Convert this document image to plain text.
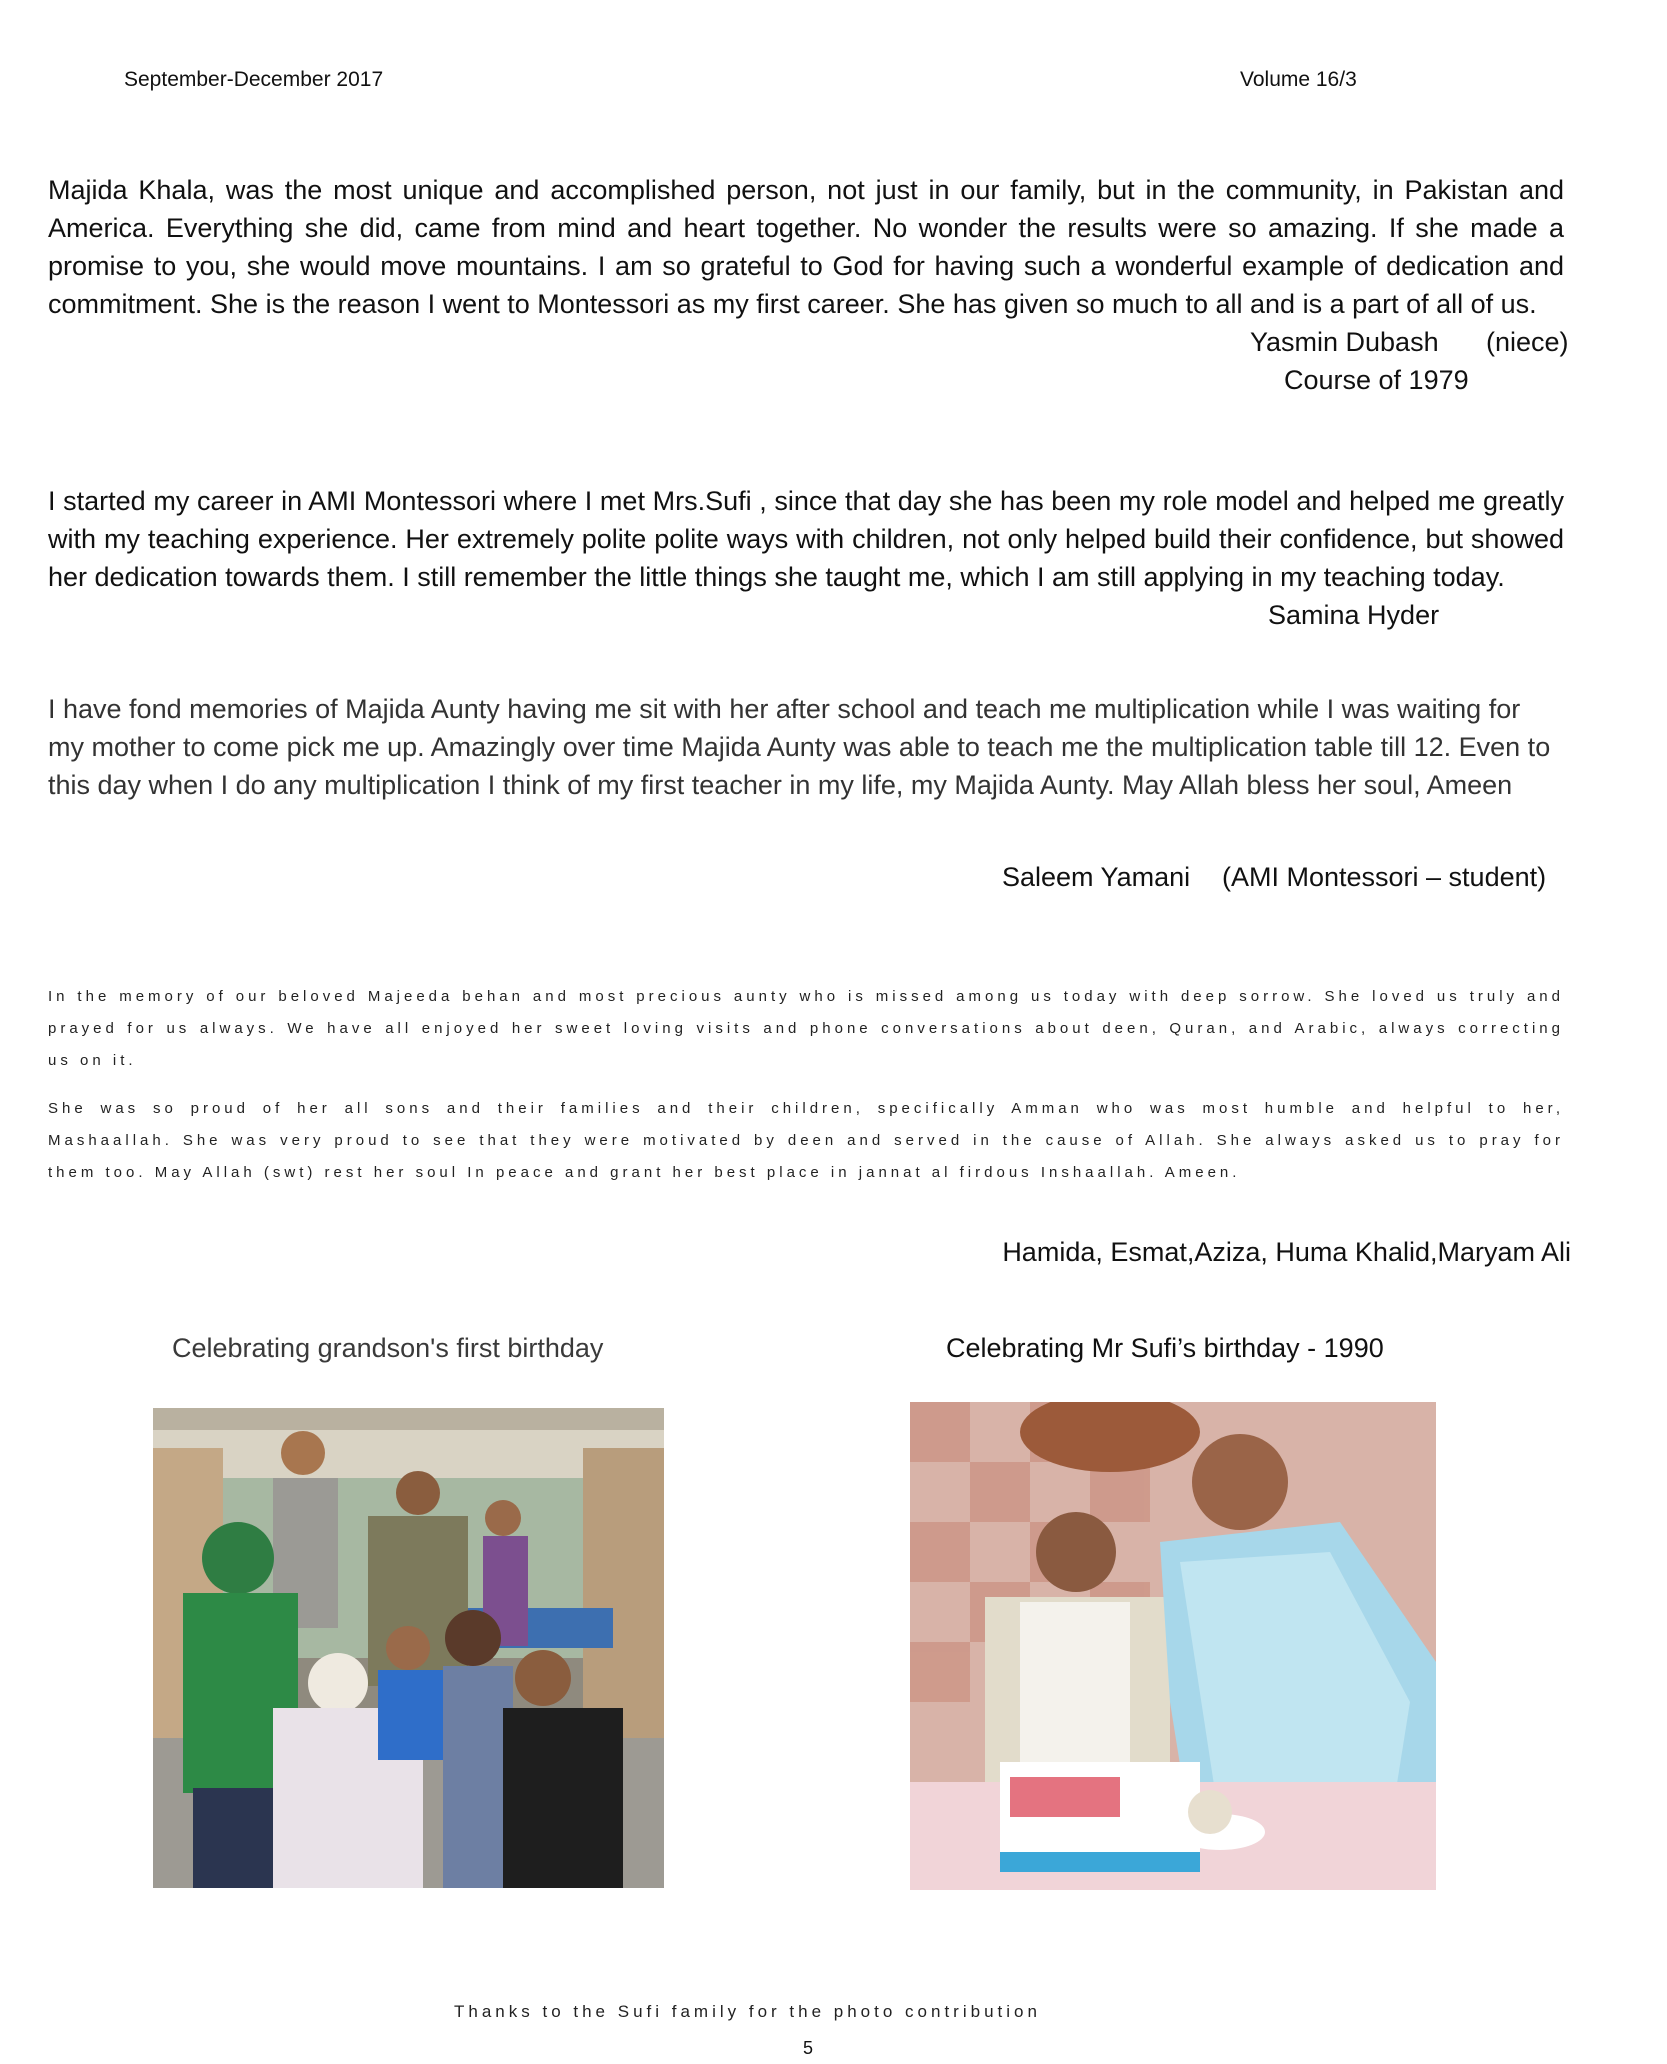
September-December 2017	Volume 16/3
Majida Khala, was the most unique and accomplished person, not just in our family, but in the community, in Pakistan and America. Everything she did, came from mind and heart together. No wonder the results were so amazing. If she made a promise to you, she would move mountains. I am so grateful to God for having such a wonderful example of dedication and commitment. She is the reason I went to Montessori as my first career. She has given so much to all and is a part of all of us.
Yasmin Dubash (niece)
Course of 1979
I started my career in AMI Montessori where I met Mrs.Sufi , since that day she has been my role model and helped me greatly with my teaching experience. Her extremely polite polite ways with children, not only helped build their confidence, but showed her dedication towards them. I still remember the little things she taught me, which I am still applying in my teaching today.
Samina Hyder
I have fond memories of Majida Aunty having me sit with her after school and teach me multiplication while I was waiting for my mother to come pick me up. Amazingly over time Majida Aunty was able to teach me the multiplication table till 12. Even to this day when I do any multiplication I think of my first teacher in my life, my Majida Aunty. May Allah bless her soul, Ameen
Saleem Yamani (AMI Montessori – student)
In the memory of our beloved Majeeda behan and most precious aunty who is missed among us today with deep sorrow. She loved us truly and prayed for us always. We have all enjoyed her sweet loving visits and phone conversations about deen, Quran, and Arabic, always correcting us on it.
She was so proud of her all sons and their families and their children, specifically Amman who was most humble and helpful to her, Mashaallah. She was very proud to see that they were motivated by deen and served in the cause of Allah. She always asked us to pray for them too. May Allah (swt) rest her soul In peace and grant her best place in jannat al firdous Inshaallah. Ameen.
Hamida, Esmat,Aziza, Huma Khalid,Maryam Ali
Celebrating grandson's first birthday	Celebrating Mr Sufi’s birthday - 1990
Thanks to the Sufi family for the photo contribution
5
